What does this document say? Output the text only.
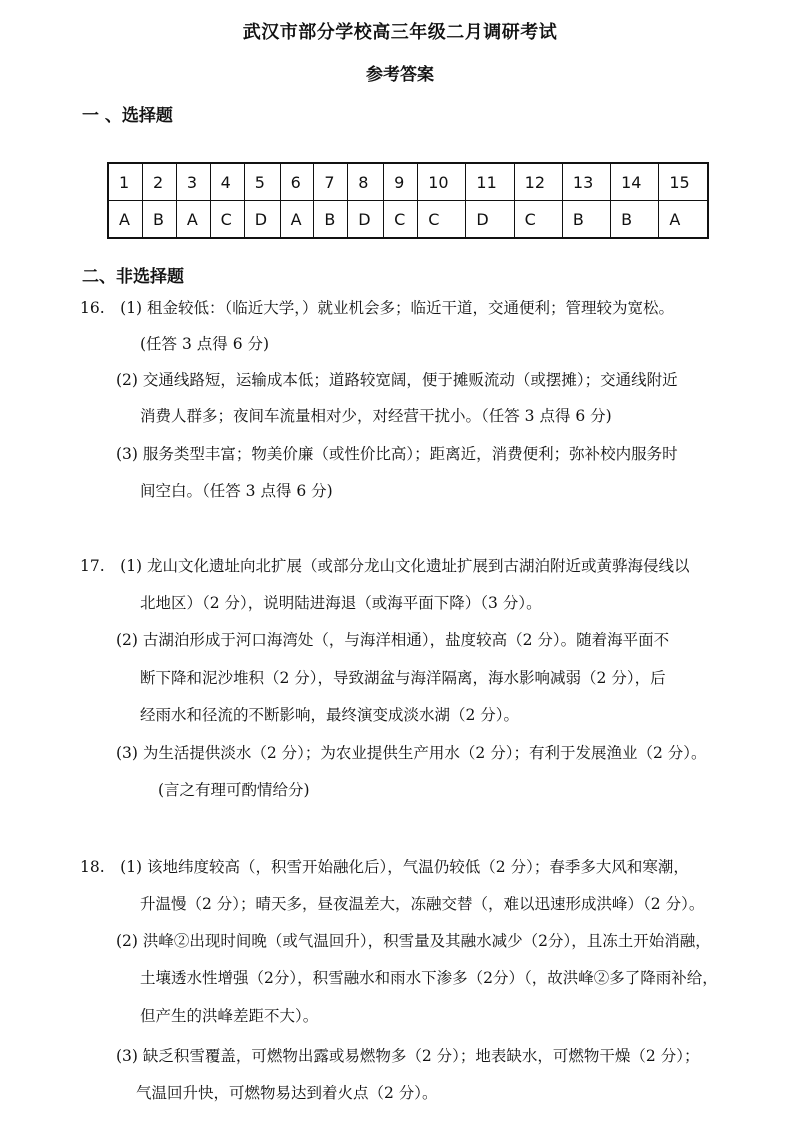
武汉市部分学校高三年级二月调研考试
参考答案
一 、选择题
1	2	3	4	5	6	7	8	9	10	11	12	13	14	15
A	B	A	C	D	A	B	D	C	C	D	C	B	B	A
二、非选择题
16.　(1) 租金较低：（临近大学，）就业机会多；临近干道，交通便利；管理较为宽松。
(任答 3 点得 6 分)
(2) 交通线路短，运输成本低；道路较宽阔，便于摊贩流动（或摆摊）；交通线附近
消费人群多；夜间车流量相对少，对经营干扰小。（任答 3 点得 6 分)
(3) 服务类型丰富；物美价廉（或性价比高）；距离近，消费便利；弥补校内服务时
间空白。（任答 3 点得 6 分)
17.　(1) 龙山文化遗址向北扩展（或部分龙山文化遗址扩展到古湖泊附近或黄骅海侵线以
北地区）（2 分），说明陆进海退（或海平面下降）（3 分）。
(2) 古湖泊形成于河口海湾处（，与海洋相通），盐度较高（2 分）。随着海平面不
断下降和泥沙堆积（2 分），导致湖盆与海洋隔离，海水影响减弱（2 分），后
经雨水和径流的不断影响，最终演变成淡水湖（2 分）。
(3) 为生活提供淡水（2 分）；为农业提供生产用水（2 分）；有利于发展渔业（2 分）。
(言之有理可酌情给分)
18.　(1) 该地纬度较高（，积雪开始融化后），气温仍较低（2 分）；春季多大风和寒潮，
升温慢（2 分）；晴天多，昼夜温差大，冻融交替（，难以迅速形成洪峰）（2 分）。
(2) 洪峰②出现时间晚（或气温回升），积雪量及其融水减少（2分），且冻土开始消融，
土壤透水性增强（2分），积雪融水和雨水下渗多（2分）（，故洪峰②多了降雨补给，
但产生的洪峰差距不大）。
(3) 缺乏积雪覆盖，可燃物出露或易燃物多（2 分）；地表缺水，可燃物干燥（2 分）；
气温回升快，可燃物易达到着火点（2 分）。
